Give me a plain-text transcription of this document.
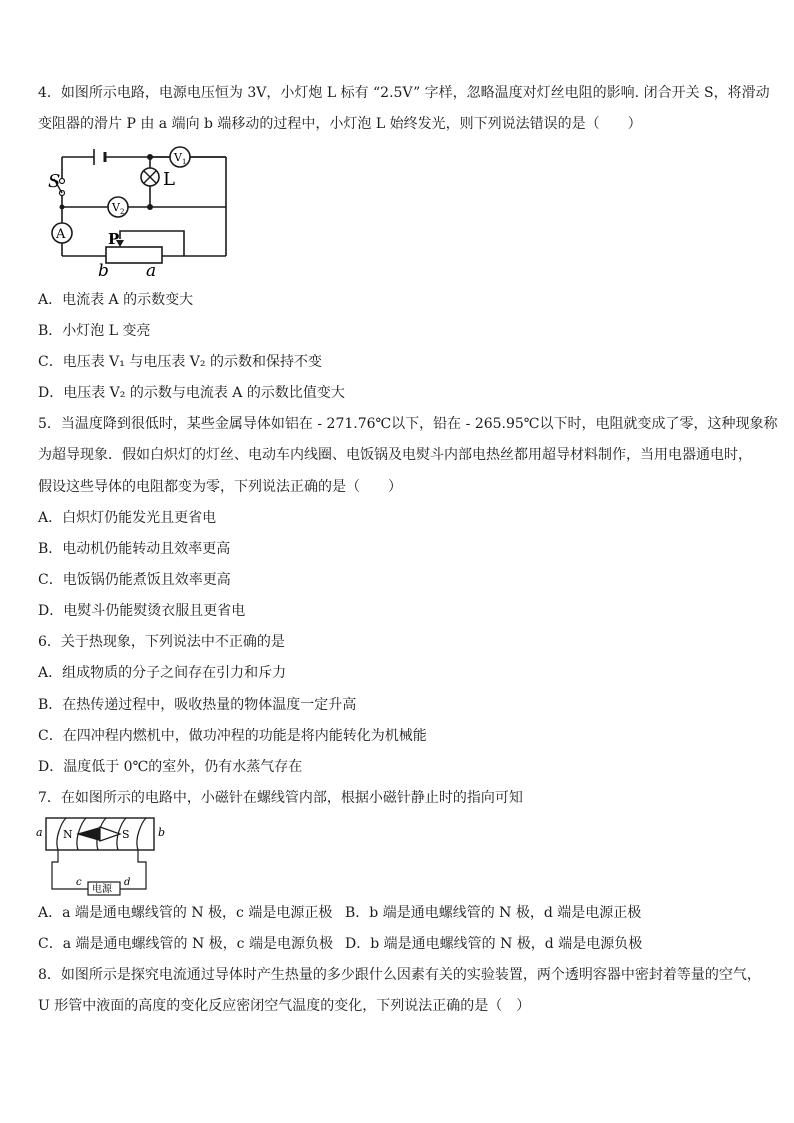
4．如图所示电路，电源电压恒为 3V，小灯炮 L 标有 “2.5V” 字样，忽略温度对灯丝电阻的影响. 闭合开关 S，将滑动
变阻器的滑片 P 由 a 端向 b 端移动的过程中，小灯泡 L 始终发光，则下列说法错误的是（　　）
V 1
V 2
A
S	L
P
b a
A．电流表 A 的示数变大
B．小灯泡 L 变亮
C．电压表 V₁ 与电压表 V₂ 的示数和保持不变
D．电压表 V₂ 的示数与电流表 A 的示数比值变大
5．当温度降到很低时，某些金属导体如铝在 - 271.76℃以下，铅在 - 265.95℃以下时，电阻就变成了零，这种现象称
为超导现象．假如白炽灯的灯丝、电动车内线圈、电饭锅及电熨斗内部电热丝都用超导材料制作，当用电器通电时，
假设这些导体的电阻都变为零，下列说法正确的是（　　）
A．白炽灯仍能发光且更省电
B．电动机仍能转动且效率更高
C．电饭锅仍能煮饭且效率更高
D．电熨斗仍能熨烫衣服且更省电
6．关于热现象，下列说法中不正确的是
A．组成物质的分子之间存在引力和斥力
B．在热传递过程中，吸收热量的物体温度一定升高
C．在四冲程内燃机中，做功冲程的功能是将内能转化为机械能
D．温度低于 0℃的室外，仍有水蒸气存在
7．在如图所示的电路中，小磁针在螺线管内部，根据小磁针静止时的指向可知
电源
a	b
N	S
c	d
A．a 端是通电螺线管的 N 极，c 端是电源正极 B．b 端是通电螺线管的 N 极，d 端是电源正极
C．a 端是通电螺线管的 N 极，c 端是电源负极 D．b 端是通电螺线管的 N 极，d 端是电源负极
8．如图所示是探究电流通过导体时产生热量的多少跟什么因素有关的实验装置，两个透明容器中密封着等量的空气，
U 形管中液面的高度的变化反应密闭空气温度的变化，下列说法正确的是（　）
